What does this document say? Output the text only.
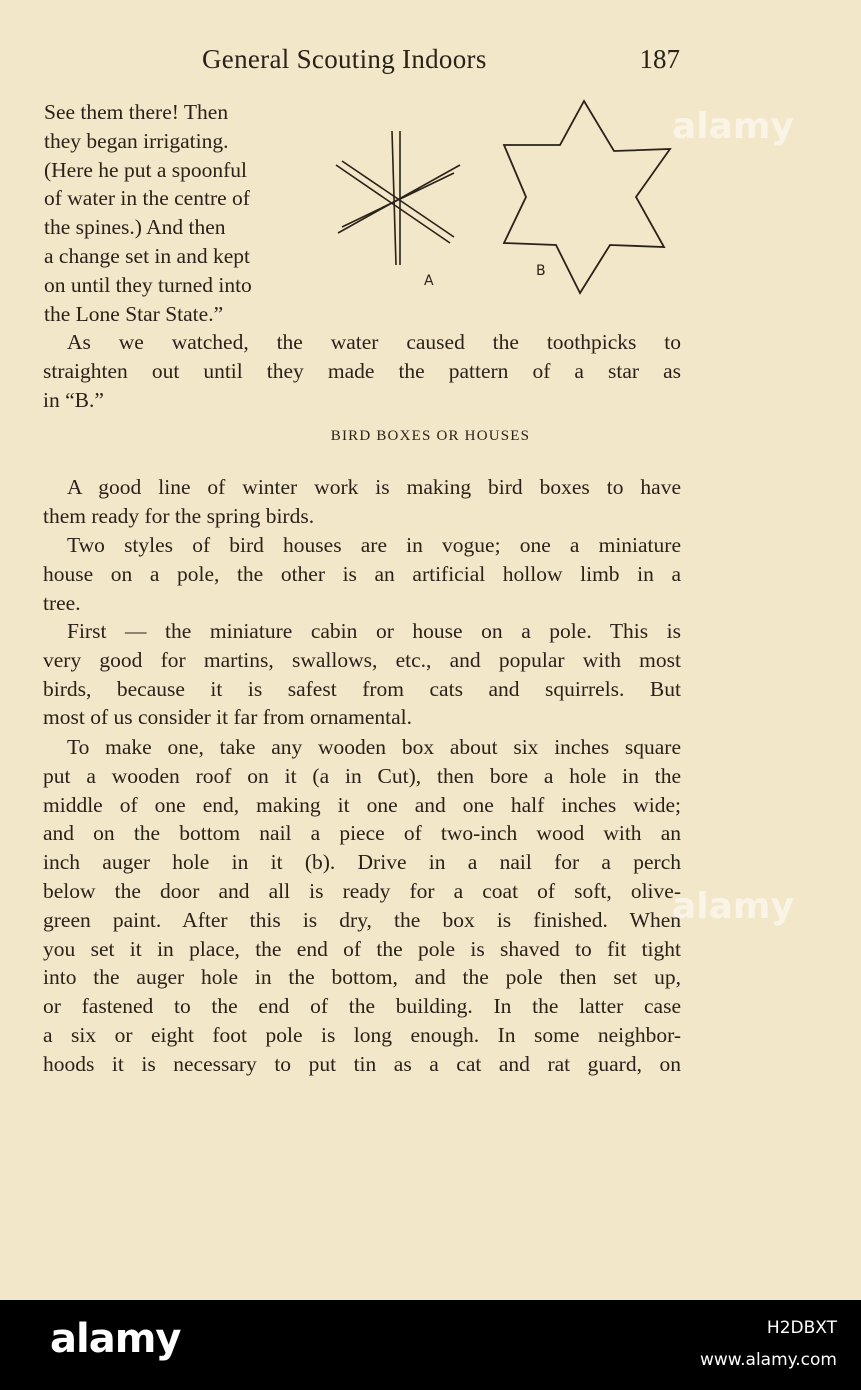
General Scouting Indoors	187
See them there! Then
they began irrigating.
(Here he put a spoonful
of water in the centre of
the spines.) And then
a change set in and kept
on until they turned into
the Lone Star State.”
A
B
As we watched, the water caused the toothpicks to
straighten out until they made the pattern of a star as
in “B.”
BIRD BOXES OR HOUSES
A good line of winter work is making bird boxes to have
them ready for the spring birds.
Two styles of bird houses are in vogue; one a miniature
house on a pole, the other is an artificial hollow limb in a
tree.
First — the miniature cabin or house on a pole. This is
very good for martins, swallows, etc., and popular with most
birds, because it is safest from cats and squirrels. But
most of us consider it far from ornamental.
To make one, take any wooden box about six inches square
put a wooden roof on it (a in Cut), then bore a hole in the
middle of one end, making it one and one half inches wide;
and on the bottom nail a piece of two-inch wood with an
inch auger hole in it (b). Drive in a nail for a perch
below the door and all is ready for a coat of soft, olive-
green paint. After this is dry, the box is finished. When
you set it in place, the end of the pole is shaved to fit tight
into the auger hole in the bottom, and the pole then set up,
or fastened to the end of the building. In the latter case
a six or eight foot pole is long enough. In some neighbor-
hoods it is necessary to put tin as a cat and rat guard, on
alamy
alamy
alamy	H2DBXT
www.alamy.com
